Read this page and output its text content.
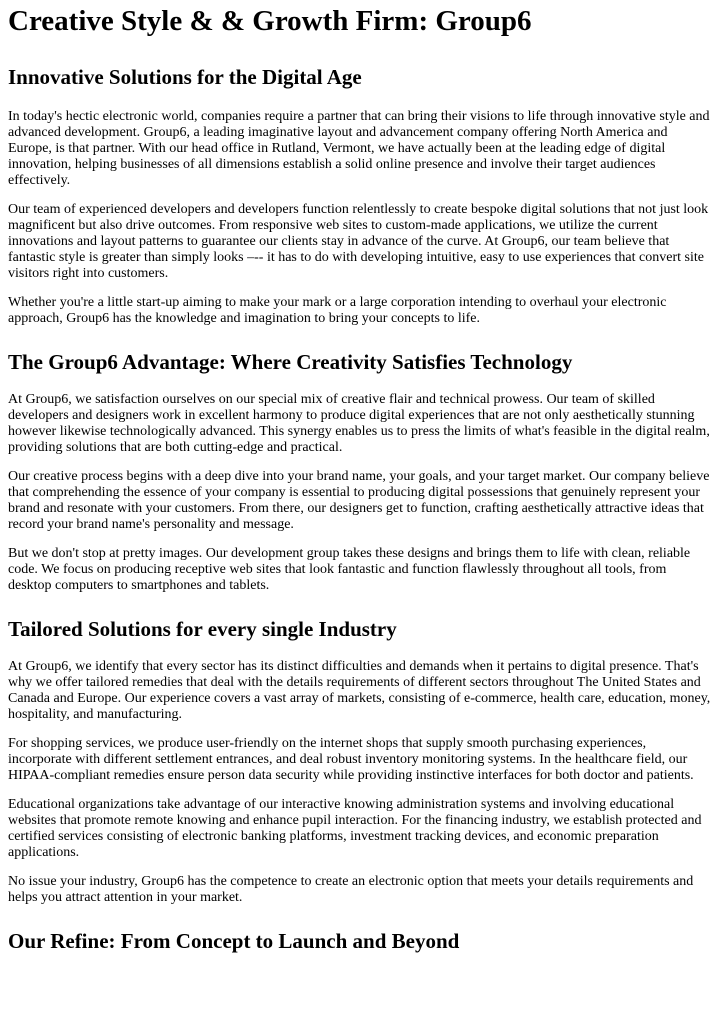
Creative Style & & Growth Firm: Group6
Innovative Solutions for the Digital Age

In today's hectic electronic world, companies require a partner that can bring their visions to life through innovative style and advanced development. Group6, a leading imaginative layout and advancement company offering North America and Europe, is that partner. With our head office in Rutland, Vermont, we have actually been at the leading edge of digital innovation, helping businesses of all dimensions establish a solid online presence and involve their target audiences effectively.

Our team of experienced developers and developers function relentlessly to create bespoke digital solutions that not just look magnificent but also drive outcomes. From responsive web sites to custom-made applications, we utilize the current innovations and layout patterns to guarantee our clients stay in advance of the curve. At Group6, our team believe that fantastic style is greater than simply looks –-- it has to do with developing intuitive, easy to use experiences that convert site visitors right into customers.

Whether you're a little start-up aiming to make your mark or a large corporation intending to overhaul your electronic approach, Group6 has the knowledge and imagination to bring your concepts to life.

The Group6 Advantage: Where Creativity Satisfies Technology

At Group6, we satisfaction ourselves on our special mix of creative flair and technical prowess. Our team of skilled developers and designers work in excellent harmony to produce digital experiences that are not only aesthetically stunning however likewise technologically advanced. This synergy enables us to press the limits of what's feasible in the digital realm, providing solutions that are both cutting-edge and practical.

Our creative process begins with a deep dive into your brand name, your goals, and your target market. Our company believe that comprehending the essence of your company is essential to producing digital possessions that genuinely represent your brand and resonate with your customers. From there, our designers get to function, crafting aesthetically attractive ideas that record your brand name's personality and message.

But we don't stop at pretty images. Our development group takes these designs and brings them to life with clean, reliable code. We focus on producing receptive web sites that look fantastic and function flawlessly throughout all tools, from desktop computers to smartphones and tablets.

Tailored Solutions for every single Industry

At Group6, we identify that every sector has its distinct difficulties and demands when it pertains to digital presence. That's why we offer tailored remedies that deal with the details requirements of different sectors throughout The United States and Canada and Europe. Our experience covers a vast array of markets, consisting of e-commerce, health care, education, money, hospitality, and manufacturing.

For shopping services, we produce user-friendly on the internet shops that supply smooth purchasing experiences, incorporate with different settlement entrances, and deal robust inventory monitoring systems. In the healthcare field, our HIPAA-compliant remedies ensure person data security while providing instinctive interfaces for both doctor and patients.

Educational organizations take advantage of our interactive knowing administration systems and involving educational websites that promote remote knowing and enhance pupil interaction. For the financing industry, we establish protected and certified services consisting of electronic banking platforms, investment tracking devices, and economic preparation applications.

No issue your industry, Group6 has the competence to create an electronic option that meets your details requirements and helps you attract attention in your market.

Our Refine: From Concept to Launch and Beyond
